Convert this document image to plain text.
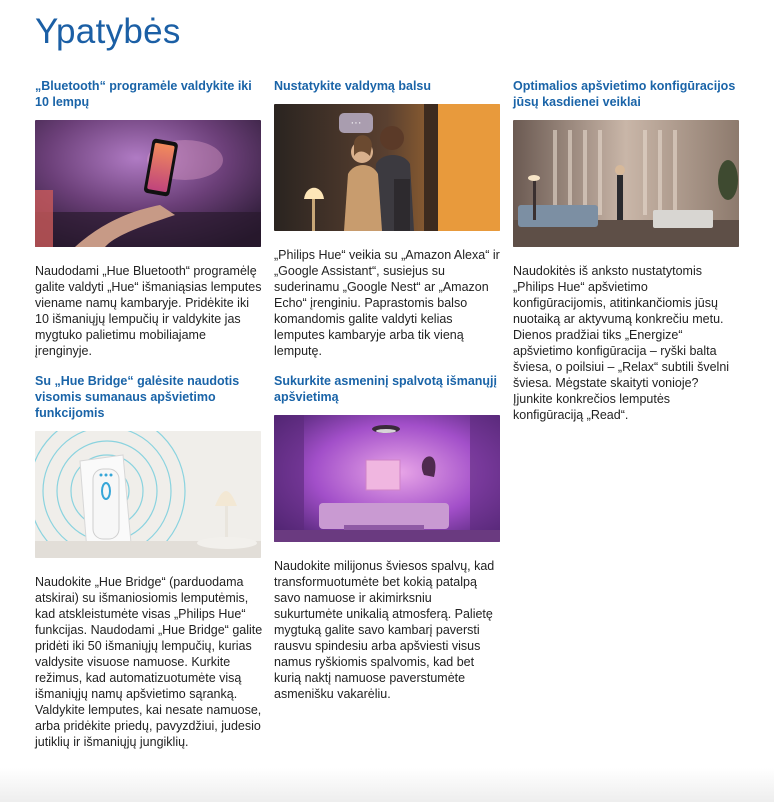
Ypatybės
„Bluetooth“ programėle valdykite iki 10 lempų

Naudodami „Hue Bluetooth“ programėlę galite valdyti „Hue“ išmaniąsias lemputes viename namų kambaryje. Pridėkite iki 10 išmaniųjų lempučių ir valdykite jas mygtuko palietimu mobiliajame įrenginyje.

Su „Hue Bridge“ galėsite naudotis visomis sumanaus apšvietimo funkcijomis

Naudokite „Hue Bridge“ (parduodama atskirai) su išmaniosiomis lemputėmis, kad atskleistumėte visas „Philips Hue“ funkcijas. Naudodami „Hue Bridge“ galite pridėti iki 50 išmaniųjų lempučių, kurias valdysite visuose namuose. Kurkite režimus, kad automatizuotumėte visą išmaniųjų namų apšvietimo sąranką. Valdykite lemputes, kai nesate namuose, arba pridėkite priedų, pavyzdžiui, judesio jutiklių ir išmaniųjų jungiklių.

Nustatykite valdymą balsu
···

„Philips Hue“ veikia su „Amazon Alexa“ ir „Google Assistant“, susiejus su suderinamu „Google Nest“ ar „Amazon Echo“ įrenginiu. Paprastomis balso komandomis galite valdyti kelias lemputes kambaryje arba tik vieną lemputę.

Sukurkite asmeninį spalvotą išmanųjį apšvietimą

Naudokite milijonus šviesos spalvų, kad transformuotumėte bet kokią patalpą savo namuose ir akimirksniu sukurtumėte unikalią atmosferą. Palietę mygtuką galite savo kambarį paversti rausvu spindesiu arba apšviesti visus namus ryškiomis spalvomis, kad bet kurią naktį namuose paverstumėte asmenišku vakarėliu.

Optimalios apšvietimo konfigūracijos jūsų kasdienei veiklai

Naudokitės iš anksto nustatytomis „Philips Hue“ apšvietimo konfigūracijomis, atitinkančiomis jūsų nuotaiką ar aktyvumą konkrečiu metu. Dienos pradžiai tiks „Energize“ apšvietimo konfigūracija – ryški balta šviesa, o poilsiui – „Relax“ subtili švelni šviesa. Mėgstate skaityti vonioje? Įjunkite konkrečios lemputės konfigūraciją „Read“.
